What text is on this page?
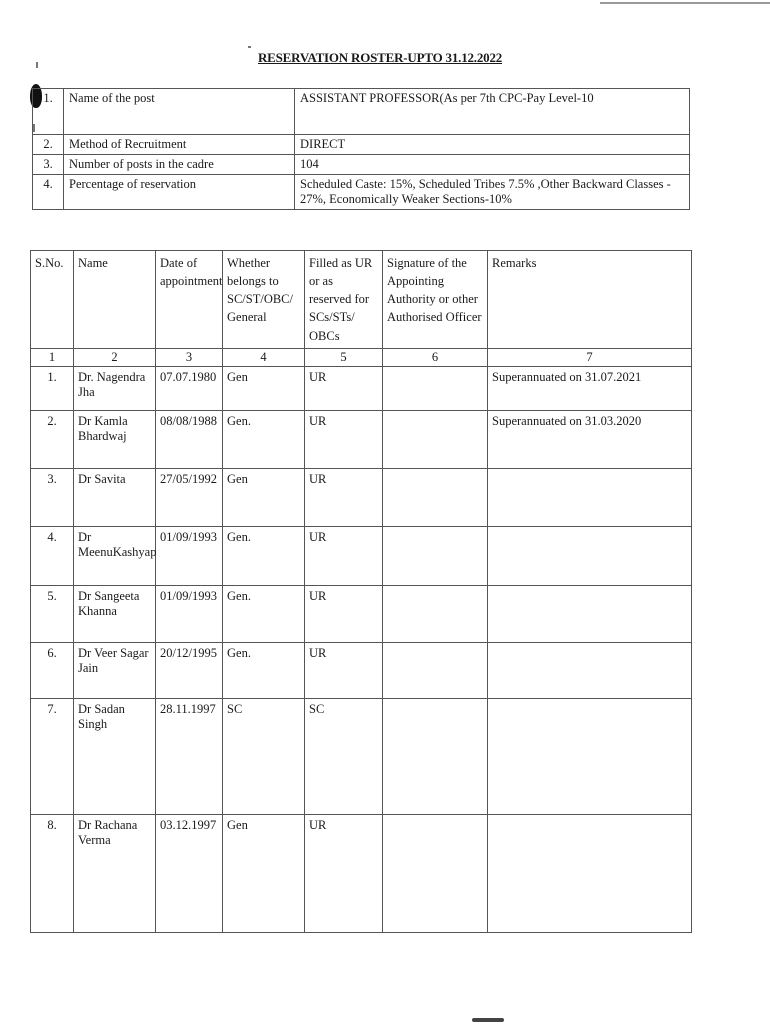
RESERVATION ROSTER-UPTO 31.12.2022
1.	Name of the post	ASSISTANT PROFESSOR(As per 7th CPC-Pay Level-10
2.	Method of Recruitment	DIRECT
3.	Number of posts in the cadre	104
4.	Percentage of reservation	Scheduled Caste: 15%, Scheduled Tribes 7.5% ,Other Backward Classes - 27%, Economically Weaker Sections-10%
S.No.	Name	Date of appointment	Whether belongs to SC/ST/OBC/ General	Filled as UR or as reserved for SCs/STs/ OBCs	Signature of the Appointing Authority or other Authorised Officer	Remarks
1	2	3	4	5	6	7
1.	Dr. Nagendra Jha	07.07.1980	Gen	UR		Superannuated on 31.07.2021
2.	Dr Kamla Bhardwaj	08/08/1988	Gen.	UR		Superannuated on 31.03.2020
3.	Dr Savita	27/05/1992	Gen	UR		
4.	Dr MeenuKashyap	01/09/1993	Gen.	UR		
5.	Dr Sangeeta Khanna	01/09/1993	Gen.	UR		
6.	Dr Veer Sagar Jain	20/12/1995	Gen.	UR		
7.	Dr Sadan Singh	28.11.1997	SC	SC		
8.	Dr Rachana Verma	03.12.1997	Gen	UR		
